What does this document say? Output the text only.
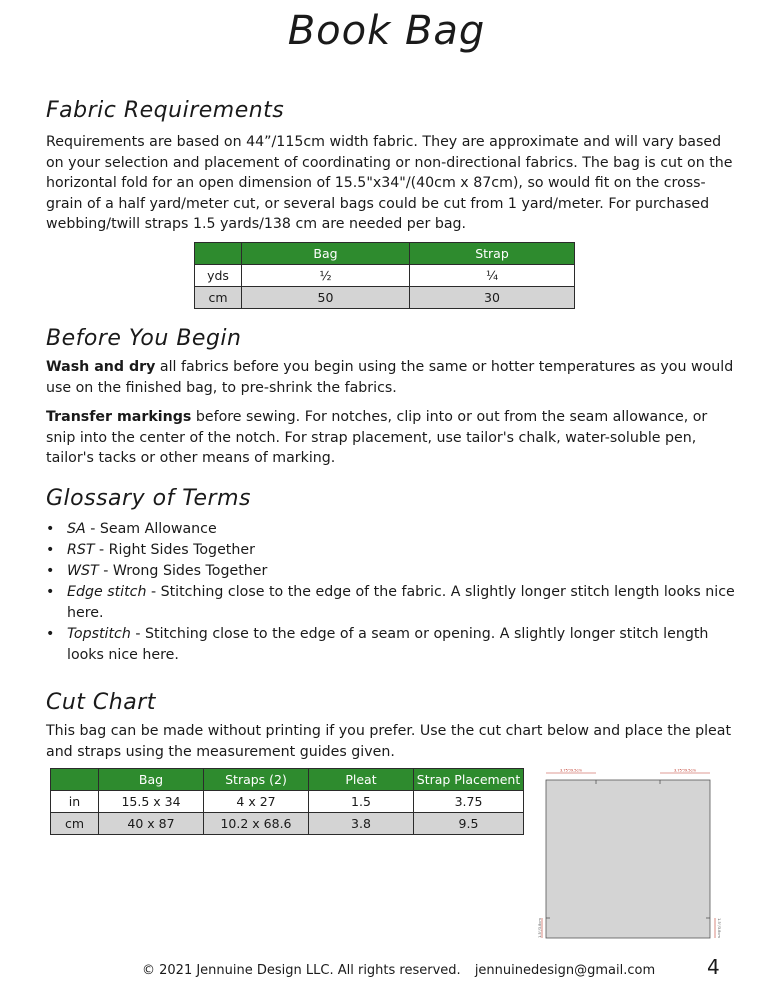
Book Bag
Fabric Requirements

Requirements are based on 44”/115cm width fabric. They are approximate and will vary based on your selection and placement of coordinating or non-directional fabrics. The bag is cut on the horizontal fold for an open dimension of 15.5"x34"/(40cm x 87cm), so would fit on the cross-grain of a half yard/meter cut, or several bags could be cut from 1 yard/meter. For purchased webbing/twill straps 1.5 yards/138 cm are needed per bag.

	Bag	Strap
yds	½	¼
cm	50	30
Before You Begin

Wash and dry all fabrics before you begin using the same or hotter temperatures as you would use on the finished bag, to pre-shrink the fabrics.

Transfer markings before sewing. For notches, clip into or out from the seam allowance, or snip into the center of the notch. For strap placement, use tailor's chalk, water-soluble pen, tailor's tacks or other means of marking.

Glossary of Terms
• SA - Seam Allowance
• RST - Right Sides Together
• WST - Wrong Sides Together
• Edge stitch - Stitching close to the edge of the fabric. A slightly longer stitch length looks nice here.
• Topstitch - Stitching close to the edge of a seam or opening. A slightly longer stitch length looks nice here.
Cut Chart

This bag can be made without printing if you prefer. Use the cut chart below and place the pleat and straps using the measurement guides given.

	Bag	Straps (2)	Pleat	Strap Placement
in	15.5 x 34	4 x 27	1.5	3.75
cm	40 x 87	10.2 x 68.6	3.8	9.5
3.75"/9.5cm	3.75"/9.5cm
1.5"/3.8cm	1.5"/3.8cm
© 2021 Jennuine Design LLC. All rights reserved. jennuinedesign@gmail.com	4
